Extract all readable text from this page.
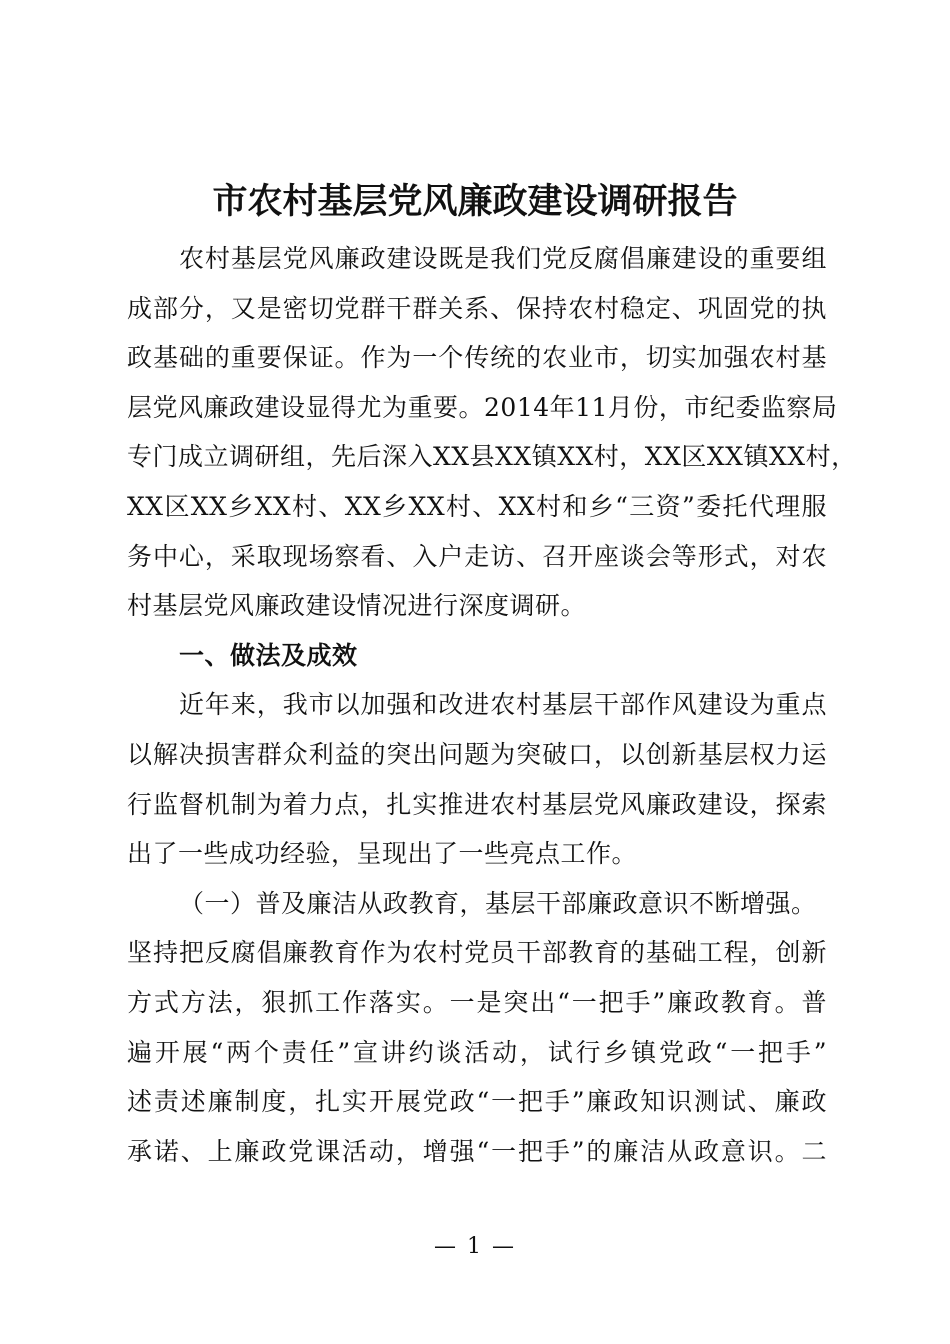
市农村基层党风廉政建设调研报告
农村基层党风廉政建设既是我们党反腐倡廉建设的重要组
成部分，又是密切党群干群关系、保持农村稳定、巩固党的执
政基础的重要保证。作为一个传统的农业市，切实加强农村基
层党风廉政建设显得尤为重要。2014年11月份，市纪委监察局
专门成立调研组，先后深入XX县XX镇XX村，XX区XX镇XX村，
XX区XX乡XX村、XX乡XX村、XX村和乡“三资”委托代理服
务中心，采取现场察看、入户走访、召开座谈会等形式，对农
村基层党风廉政建设情况进行深度调研。
一、做法及成效
近年来，我市以加强和改进农村基层干部作风建设为重点
以解决损害群众利益的突出问题为突破口，以创新基层权力运
行监督机制为着力点，扎实推进农村基层党风廉政建设，探索
出了一些成功经验，呈现出了一些亮点工作。
（一）普及廉洁从政教育，基层干部廉政意识不断增强。
坚持把反腐倡廉教育作为农村党员干部教育的基础工程，创新
方式方法，狠抓工作落实。一是突出“一把手”廉政教育。普
遍开展“两个责任”宣讲约谈活动，试行乡镇党政“一把手”
述责述廉制度，扎实开展党政“一把手”廉政知识测试、廉政
承诺、上廉政党课活动，增强“一把手”的廉洁从政意识。二
— 1 —
